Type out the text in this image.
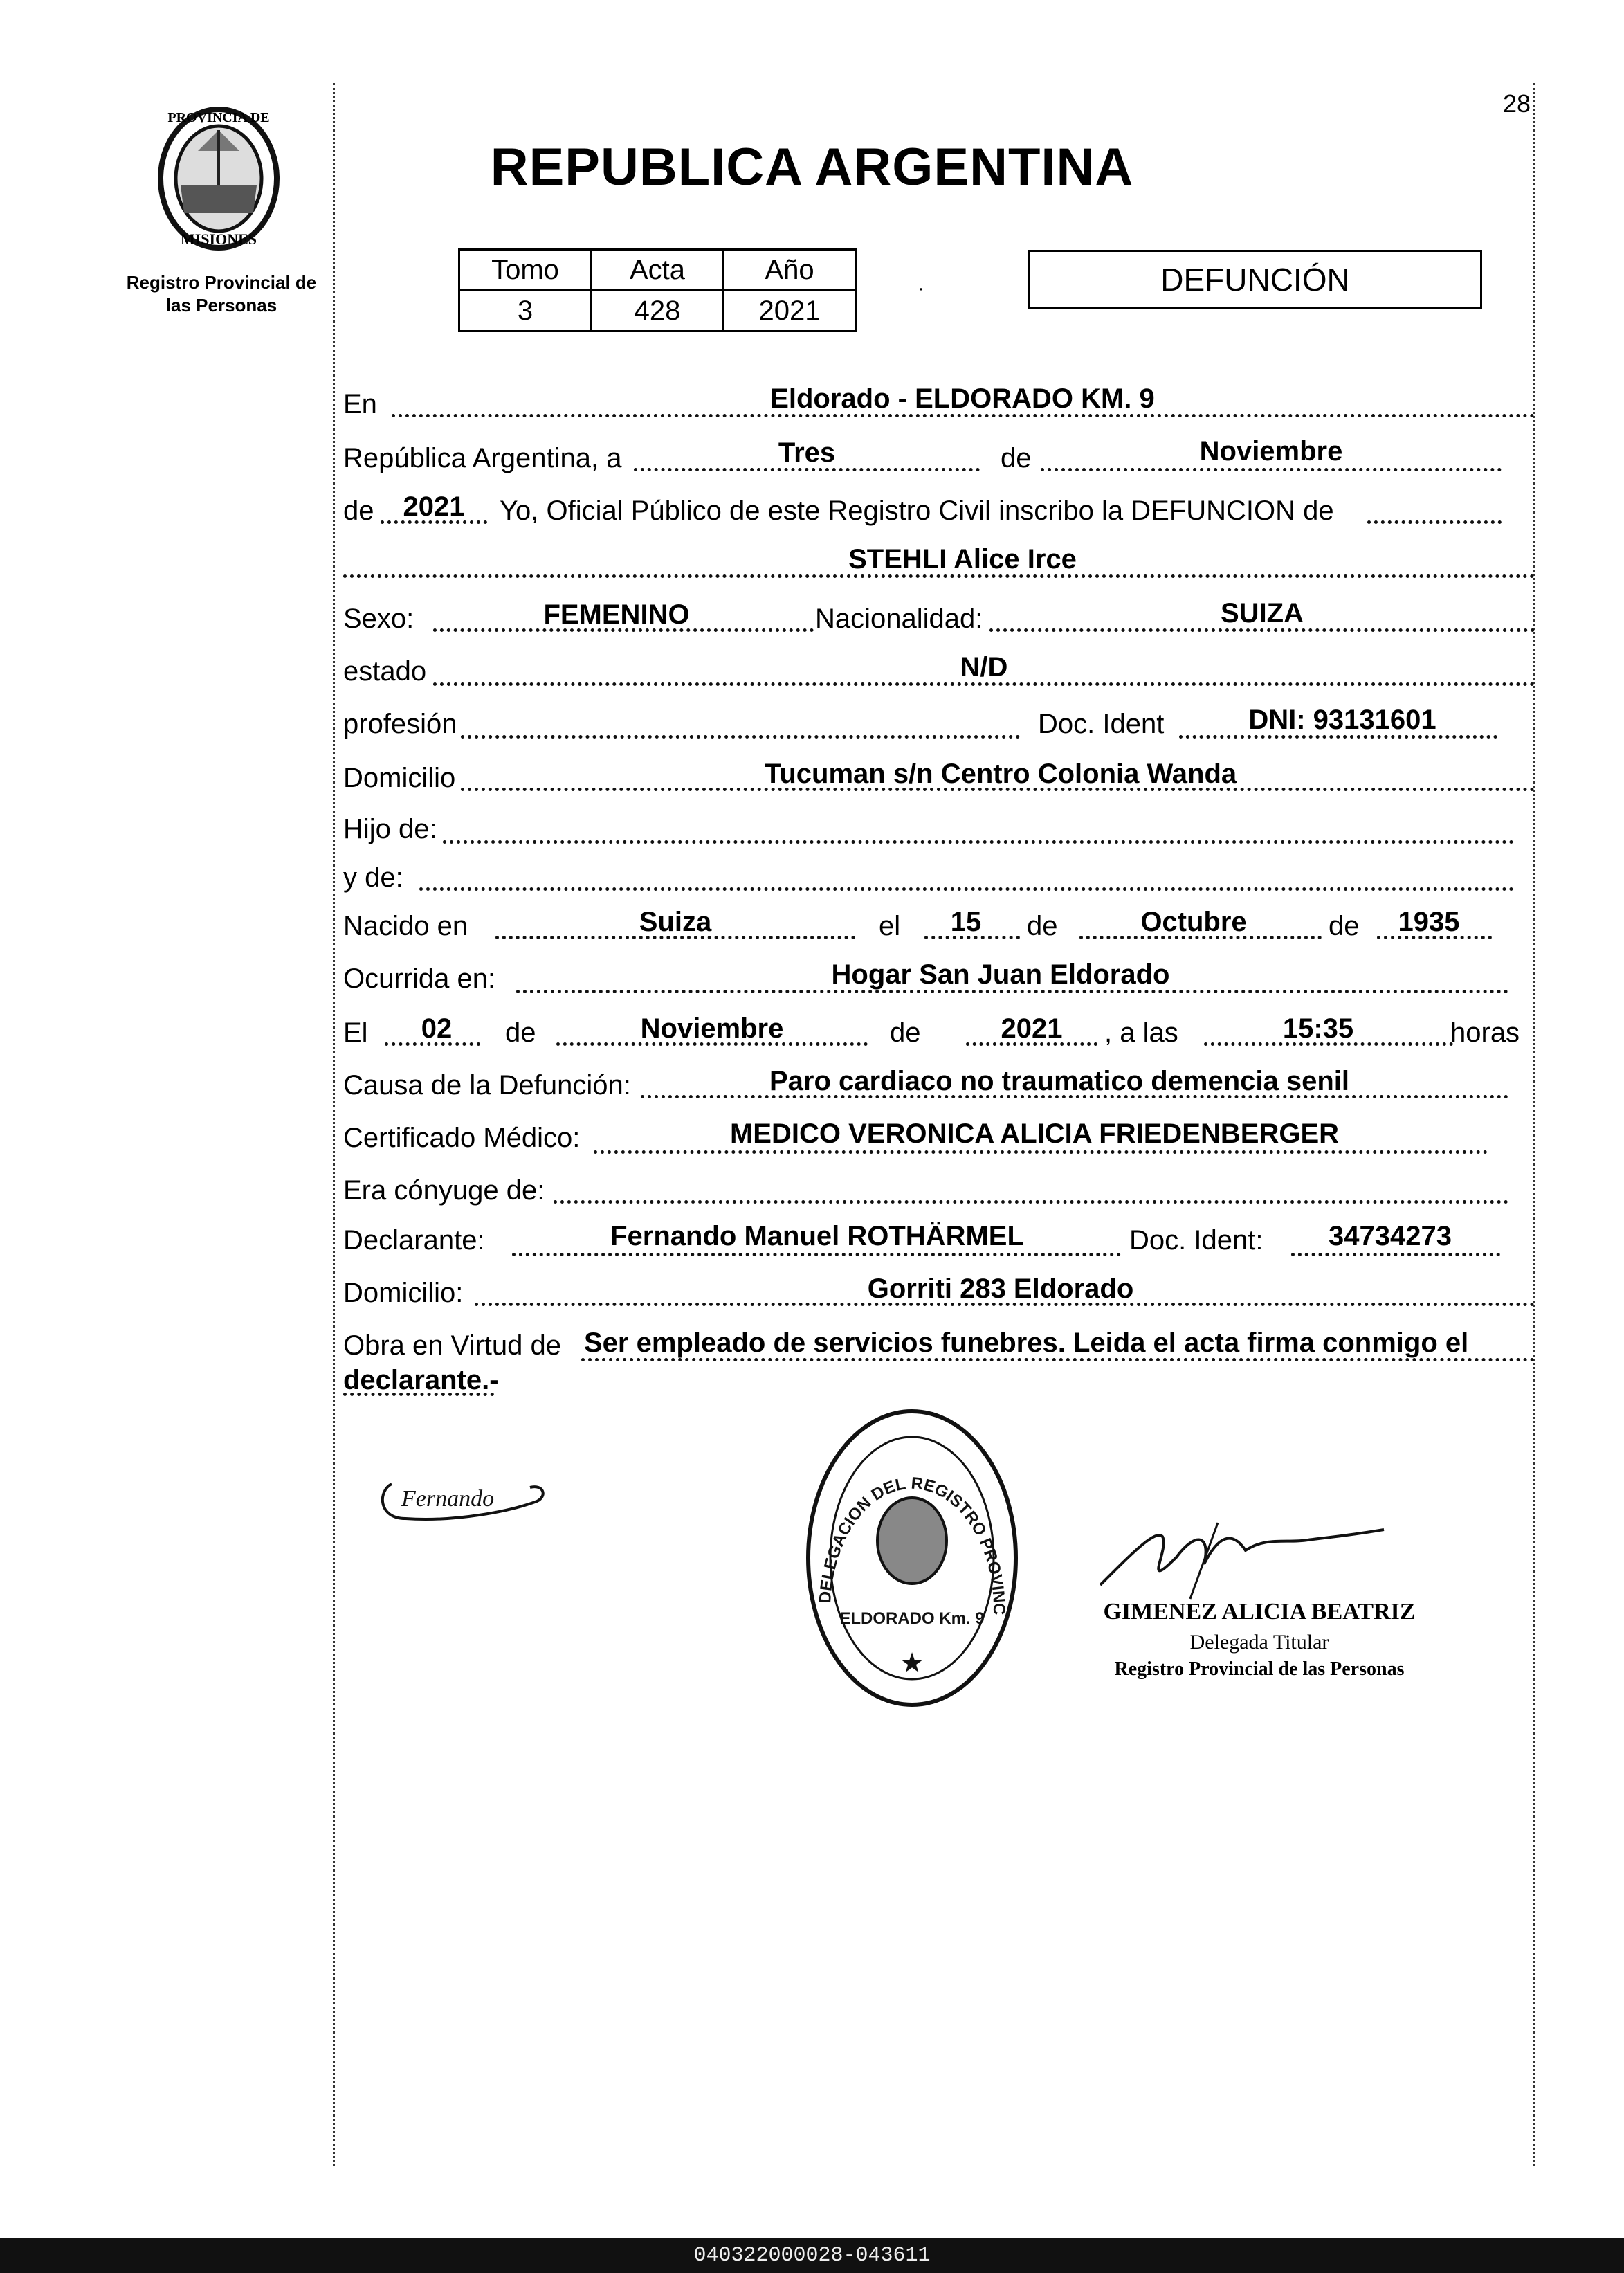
28
PROVINCIA DE
MISIONES
Registro Provincial de las Personas
REPUBLICA ARGENTINA
Tomo	Acta	Año
3	428	2021
·	DEFUNCIÓN
En	Eldorado - ELDORADO KM. 9
República Argentina, a	Tres	de	Noviembre
de	2021	Yo, Oficial Público de este Registro Civil inscribo la DEFUNCION de
STEHLI Alice Irce
Sexo:	FEMENINO	Nacionalidad:	SUIZA
estado	N/D
profesión	Doc. Ident	DNI: 93131601
Domicilio	Tucuman s/n Centro Colonia Wanda
Hijo de:
y de:
Nacido en	Suiza	el	15	de	Octubre	de	1935
Ocurrida en:	Hogar San Juan Eldorado
El	02	de	Noviembre	de	2021	, a las	15:35	horas
Causa de la Defunción:	Paro cardiaco no traumatico demencia senil
Certificado Médico:	MEDICO VERONICA ALICIA FRIEDENBERGER
Era cónyuge de:
Declarante:	Fernando Manuel ROTHÄRMEL	Doc. Ident:	34734273
Domicilio:	Gorriti 283 Eldorado
Obra en Virtud de Ser empleado de servicios funebres. Leida el acta firma conmigo el
declarante.-
Fernando
DELEGACION DEL REGISTRO PROVINC
ELDORADO Km. 9
★
GIMENEZ ALICIA BEATRIZ
Delegada Titular
Registro Provincial de las Personas
040322000028-043611
